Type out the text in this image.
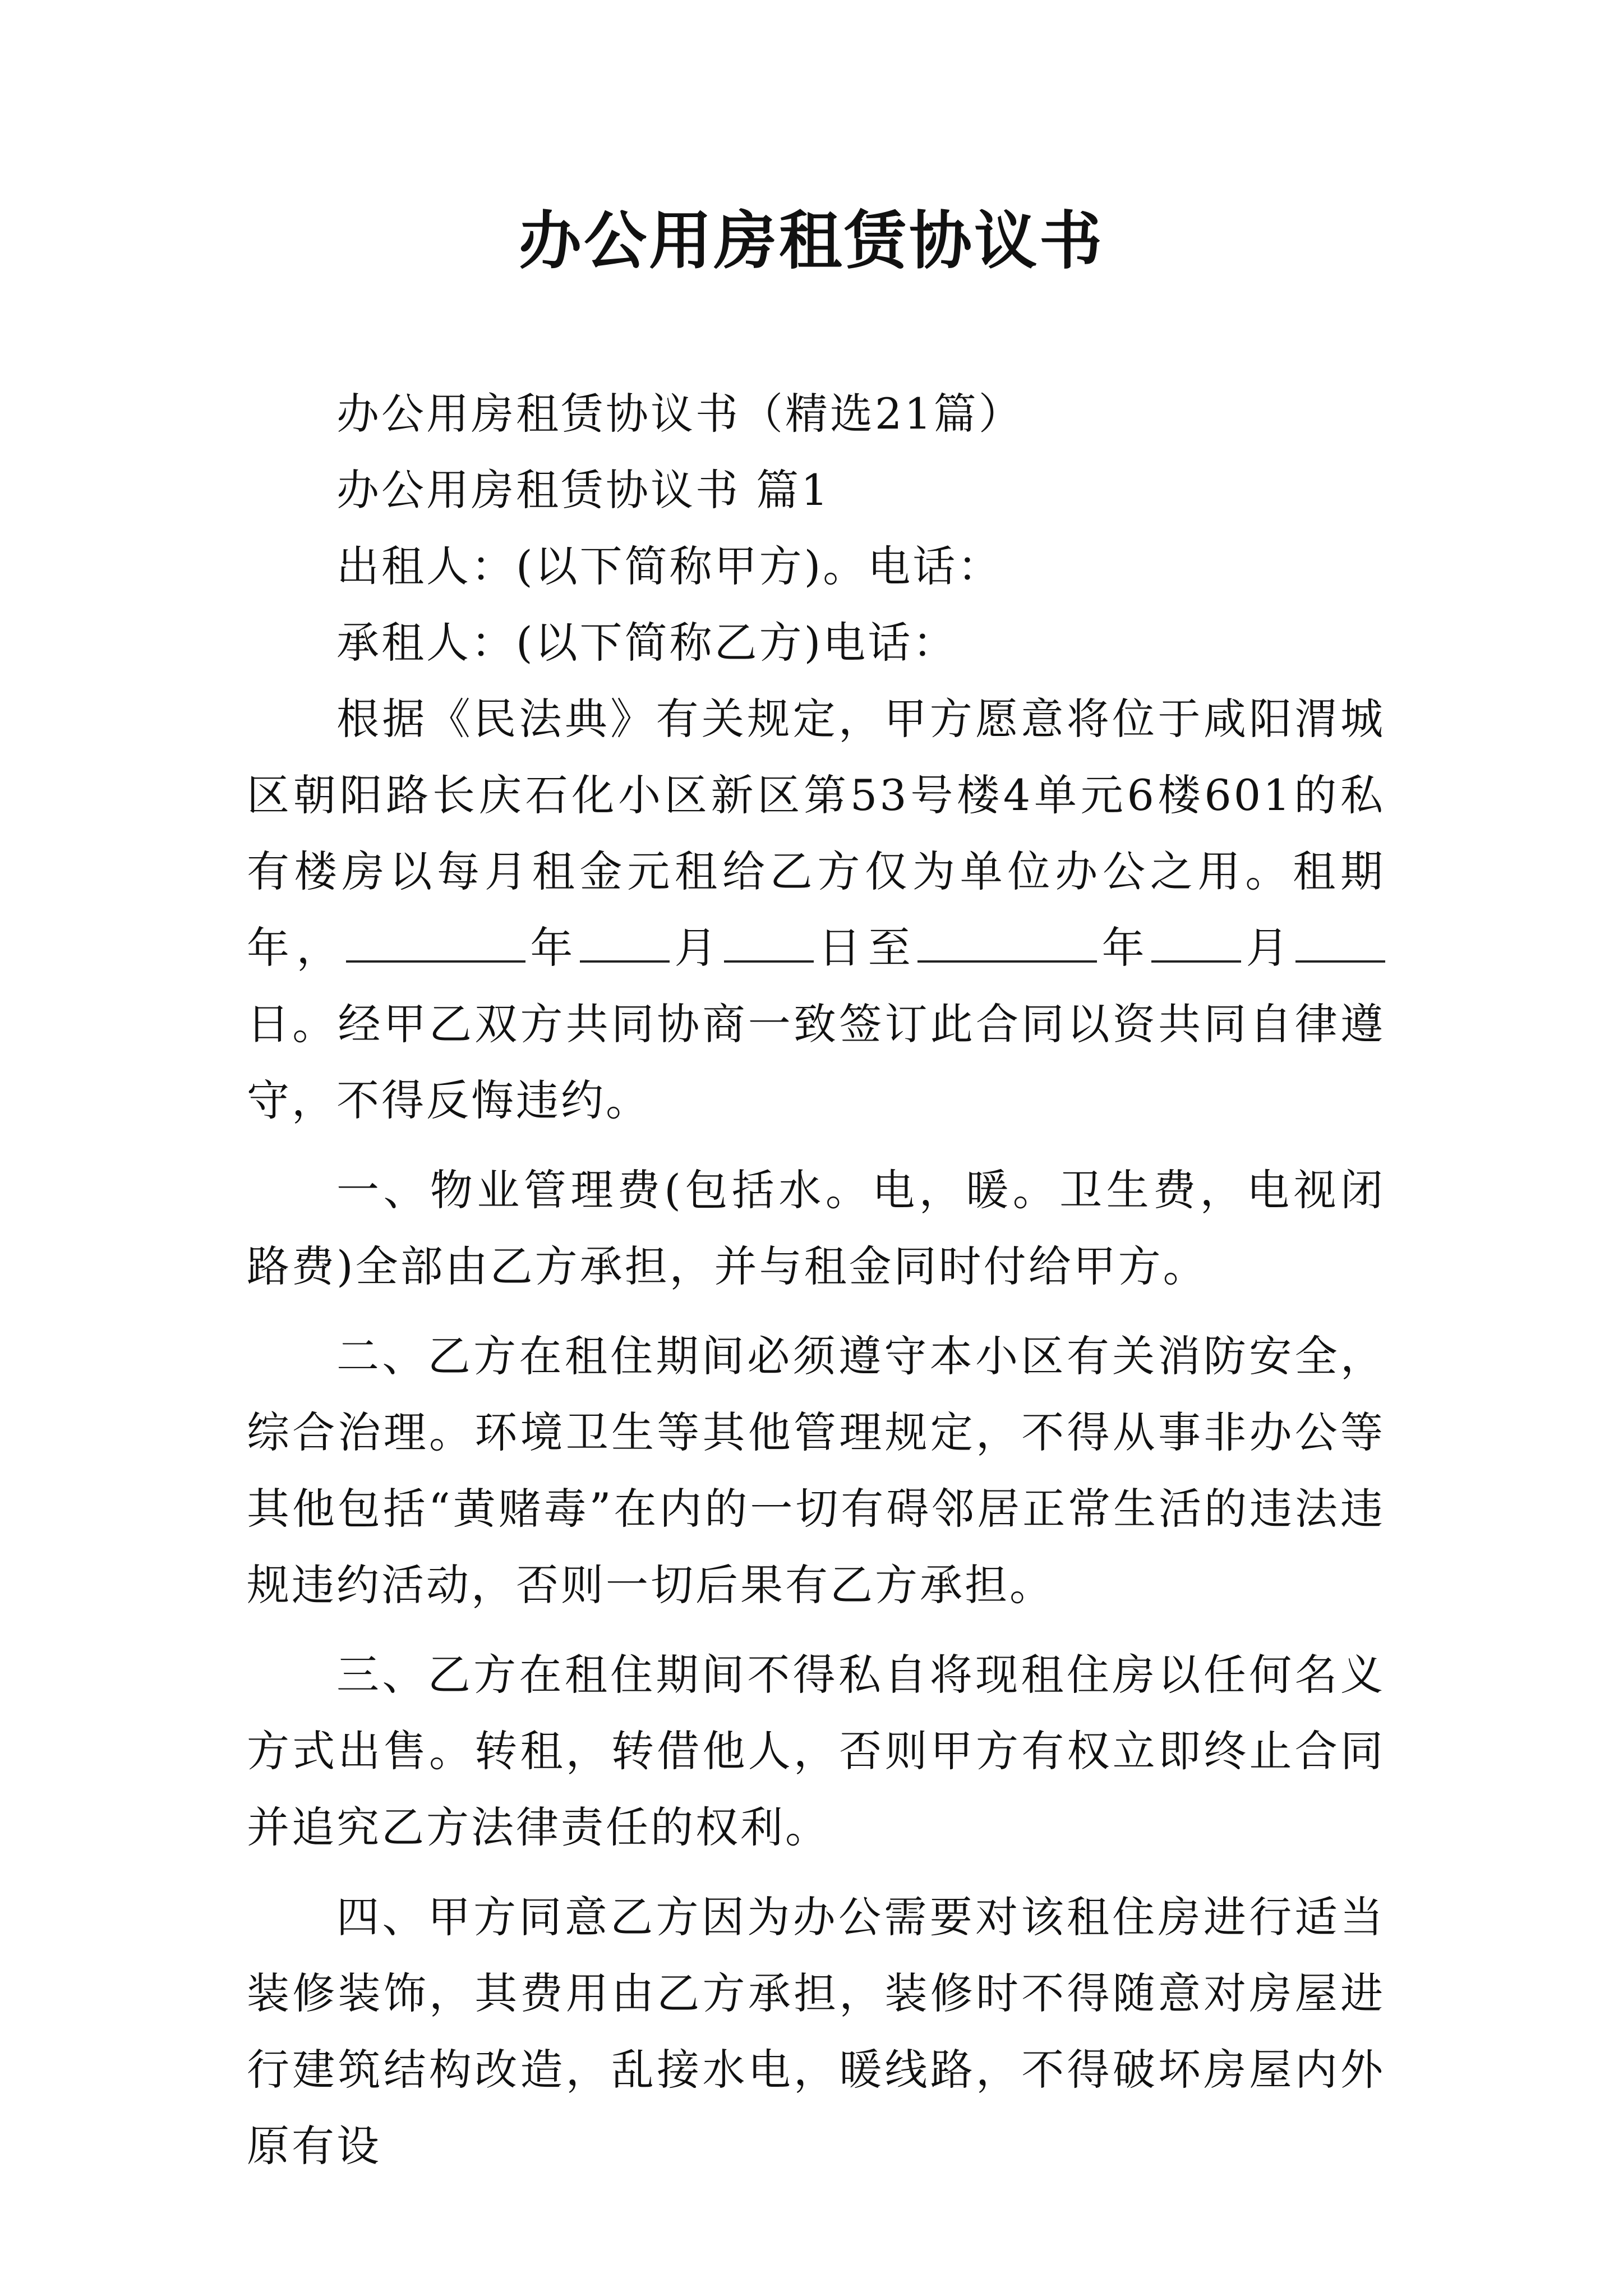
办公用房租赁协议书

办公用房租赁协议书（精选21篇）

办公用房租赁协议书 篇1

出租人：(以下简称甲方)。电话：

承租人：(以下简称乙方)电话：

根据《民法典》有关规定，甲方愿意将位于咸阳渭城区朝阳路长庆石化小区新区第53号楼4单元6楼601的私有楼房以每月租金元租给乙方仅为单位办公之用。租期年，	年 月 日至	年 月日。经甲乙双方共同协商一致签订此合同以资共同自律遵守，不得反悔违约。

一、物业管理费(包括水。电，暖。卫生费，电视闭路费)全部由乙方承担，并与租金同时付给甲方。

二、乙方在租住期间必须遵守本小区有关消防安全，综合治理。环境卫生等其他管理规定，不得从事非办公等其他包括“黄赌毒”在内的一切有碍邻居正常生活的违法违规违约活动，否则一切后果有乙方承担。

三、乙方在租住期间不得私自将现租住房以任何名义方式出售。转租，转借他人，否则甲方有权立即终止合同并追究乙方法律责任的权利。

四、甲方同意乙方因为办公需要对该租住房进行适当装修装饰，其费用由乙方承担，装修时不得随意对房屋进行建筑结构改造，乱接水电，暖线路，不得破坏房屋内外原有设
